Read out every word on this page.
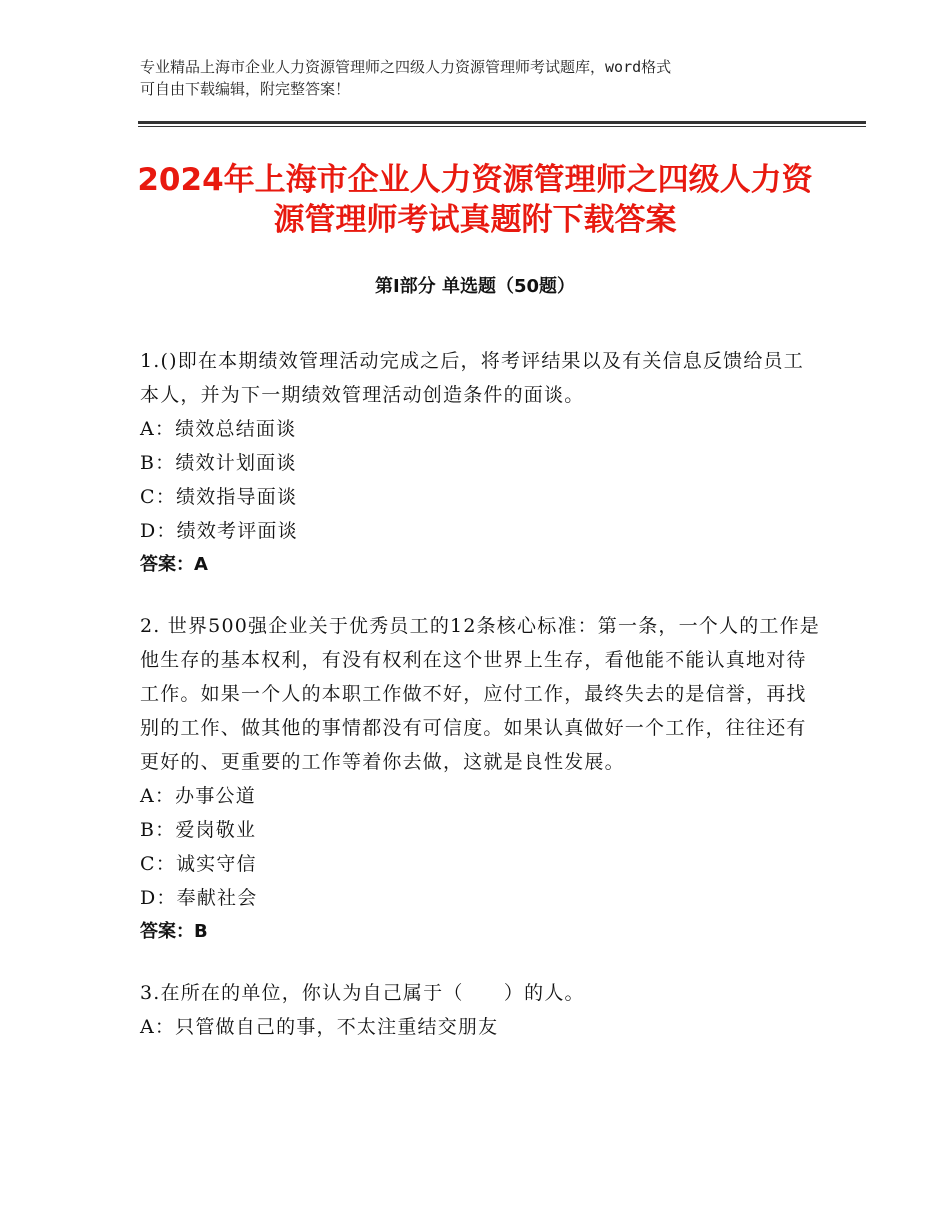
专业精品上海市企业人力资源管理师之四级人力资源管理师考试题库，word格式
可自由下载编辑，附完整答案！
2024年上海市企业人力资源管理师之四级人力资源管理师考试真题附下载答案
第Ⅰ部分 单选题（50题）
1.()即在本期绩效管理活动完成之后，将考评结果以及有关信息反馈给员工本人，并为下一期绩效管理活动创造条件的面谈。
A：绩效总结面谈
B：绩效计划面谈
C：绩效指导面谈
D：绩效考评面谈
答案：A
2. 世界500强企业关于优秀员工的12条核心标准：第一条，一个人的工作是他生存的基本权利，有没有权利在这个世界上生存，看他能不能认真地对待工作。如果一个人的本职工作做不好，应付工作，最终失去的是信誉，再找别的工作、做其他的事情都没有可信度。如果认真做好一个工作，往往还有更好的、更重要的工作等着你去做，这就是良性发展。
A：办事公道
B：爱岗敬业
C：诚实守信
D：奉献社会
答案：B
3.在所在的单位，你认为自己属于（　　）的人。
A：只管做自己的事，不太注重结交朋友
